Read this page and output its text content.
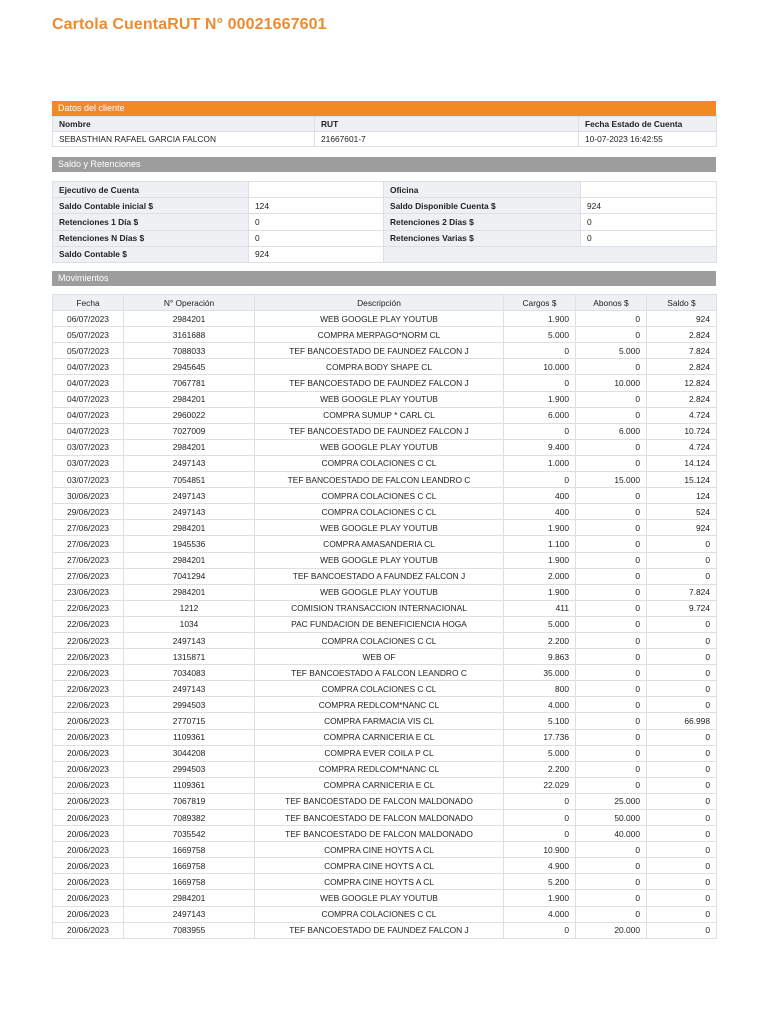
Cartola CuentaRUT N° 00021667601
Datos del cliente
Nombre	RUT	Fecha Estado de Cuenta
SEBASTHIAN RAFAEL GARCIA FALCON	21667601-7	10-07-2023 16:42:55
Saldo y Retenciones
Ejecutivo de Cuenta		Oficina	
Saldo Contable inicial $	124	Saldo Disponible Cuenta $	924
Retenciones 1 Día $	0	Retenciones 2 Días $	0
Retenciones N Días $	0	Retenciones Varias $	0
Saldo Contable $	924		
Movimientos
Fecha	N° Operación	Descripción	Cargos $	Abonos $	Saldo $
06/07/2023	2984201	WEB GOOGLE PLAY YOUTUB	1.900	0	924
05/07/2023	3161688	COMPRA MERPAGO*NORM CL	5.000	0	2.824
05/07/2023	7088033	TEF BANCOESTADO DE FAUNDEZ FALCON J	0	5.000	7.824
04/07/2023	2945645	COMPRA BODY SHAPE CL	10.000	0	2.824
04/07/2023	7067781	TEF BANCOESTADO DE FAUNDEZ FALCON J	0	10.000	12.824
04/07/2023	2984201	WEB GOOGLE PLAY YOUTUB	1.900	0	2.824
04/07/2023	2960022	COMPRA SUMUP * CARL CL	6.000	0	4.724
04/07/2023	7027009	TEF BANCOESTADO DE FAUNDEZ FALCON J	0	6.000	10.724
03/07/2023	2984201	WEB GOOGLE PLAY YOUTUB	9.400	0	4.724
03/07/2023	2497143	COMPRA COLACIONES C CL	1.000	0	14.124
03/07/2023	7054851	TEF BANCOESTADO DE FALCON LEANDRO C	0	15.000	15.124
30/06/2023	2497143	COMPRA COLACIONES C CL	400	0	124
29/06/2023	2497143	COMPRA COLACIONES C CL	400	0	524
27/06/2023	2984201	WEB GOOGLE PLAY YOUTUB	1.900	0	924
27/06/2023	1945536	COMPRA AMASANDERIA CL	1.100	0	0
27/06/2023	2984201	WEB GOOGLE PLAY YOUTUB	1.900	0	0
27/06/2023	7041294	TEF BANCOESTADO A FAUNDEZ FALCON J	2.000	0	0
23/06/2023	2984201	WEB GOOGLE PLAY YOUTUB	1.900	0	7.824
22/06/2023	1212	COMISION TRANSACCION INTERNACIONAL	411	0	9.724
22/06/2023	1034	PAC FUNDACION DE BENEFICIENCIA HOGA	5.000	0	0
22/06/2023	2497143	COMPRA COLACIONES C CL	2.200	0	0
22/06/2023	1315871	WEB OF	9.863	0	0
22/06/2023	7034083	TEF BANCOESTADO A FALCON LEANDRO C	35.000	0	0
22/06/2023	2497143	COMPRA COLACIONES C CL	800	0	0
22/06/2023	2994503	COMPRA REDLCOM*NANC CL	4.000	0	0
20/06/2023	2770715	COMPRA FARMACIA VIS CL	5.100	0	66.998
20/06/2023	1109361	COMPRA CARNICERIA E CL	17.736	0	0
20/06/2023	3044208	COMPRA EVER COILA P CL	5.000	0	0
20/06/2023	2994503	COMPRA REDLCOM*NANC CL	2.200	0	0
20/06/2023	1109361	COMPRA CARNICERIA E CL	22.029	0	0
20/06/2023	7067819	TEF BANCOESTADO DE FALCON MALDONADO	0	25.000	0
20/06/2023	7089382	TEF BANCOESTADO DE FALCON MALDONADO	0	50.000	0
20/06/2023	7035542	TEF BANCOESTADO DE FALCON MALDONADO	0	40.000	0
20/06/2023	1669758	COMPRA CINE HOYTS A CL	10.900	0	0
20/06/2023	1669758	COMPRA CINE HOYTS A CL	4.900	0	0
20/06/2023	1669758	COMPRA CINE HOYTS A CL	5.200	0	0
20/06/2023	2984201	WEB GOOGLE PLAY YOUTUB	1.900	0	0
20/06/2023	2497143	COMPRA COLACIONES C CL	4.000	0	0
20/06/2023	7083955	TEF BANCOESTADO DE FAUNDEZ FALCON J	0	20.000	0
